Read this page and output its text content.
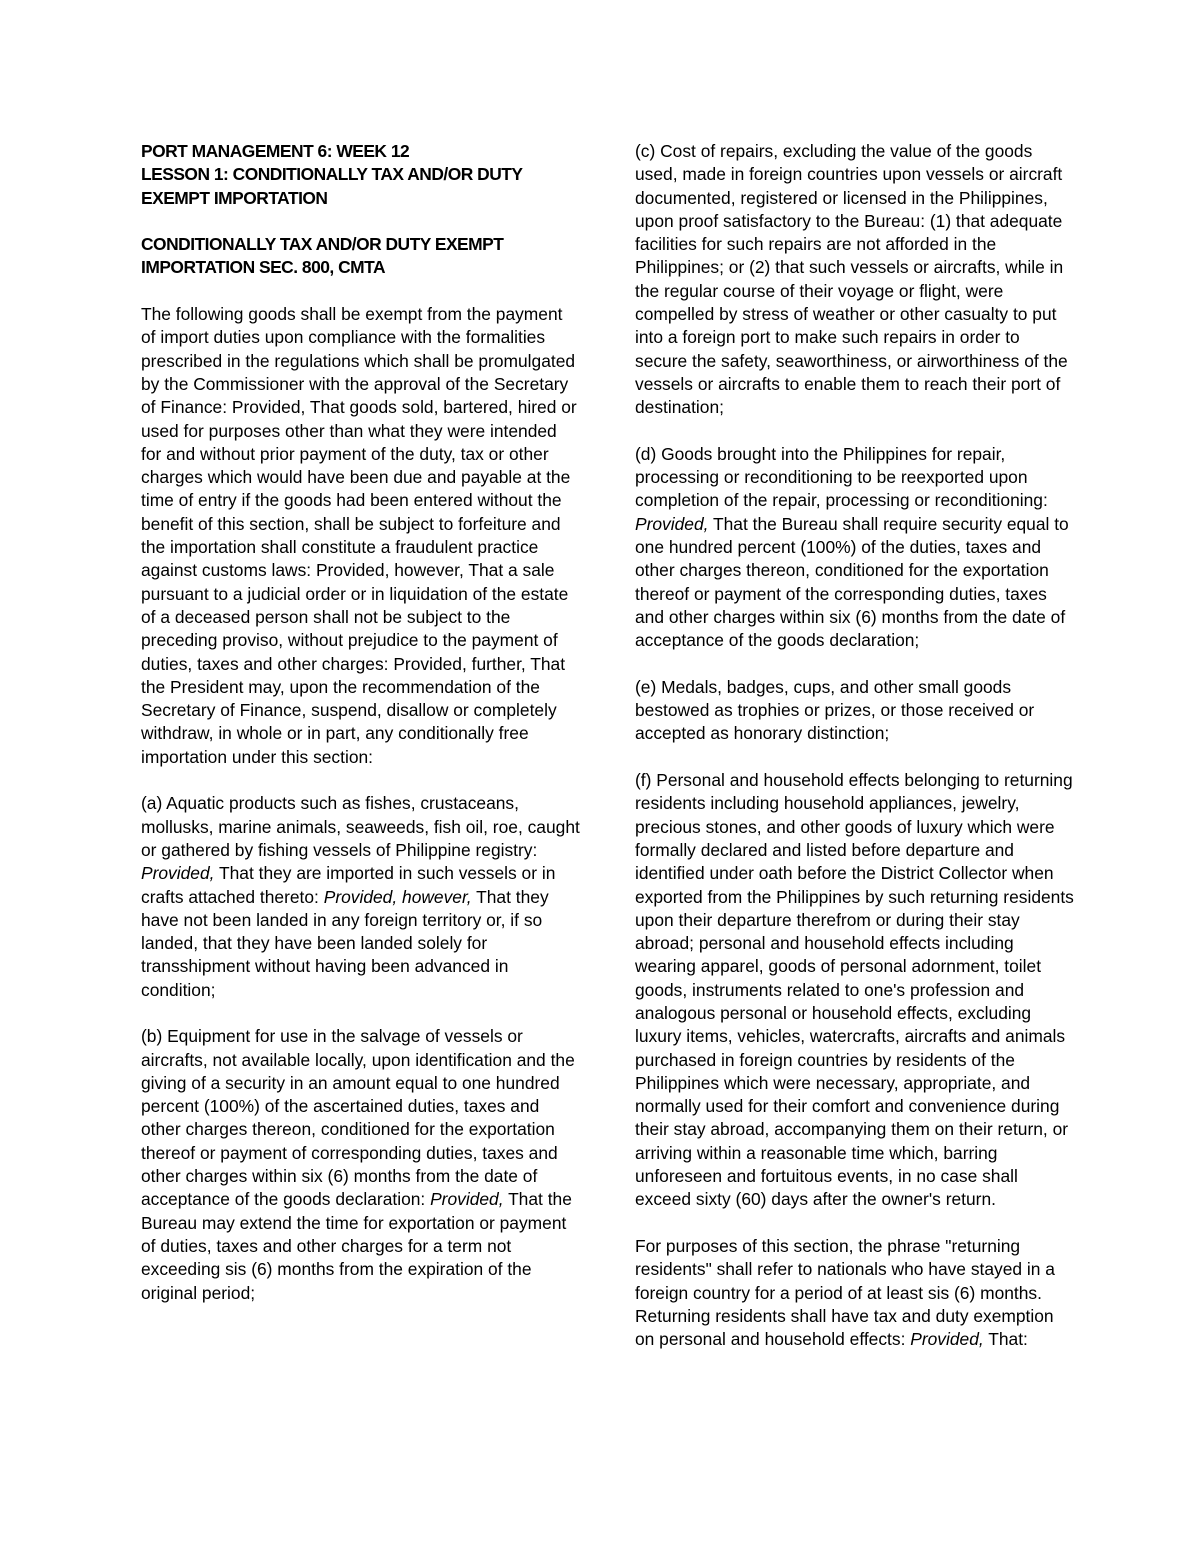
PORT MANAGEMENT 6: WEEK 12
LESSON 1: CONDITIONALLY TAX AND/OR DUTY EXEMPT IMPORTATION
CONDITIONALLY TAX AND/OR DUTY EXEMPT IMPORTATION SEC. 800, CMTA

The following goods shall be exempt from the payment of import duties upon compliance with the formalities prescribed in the regulations which shall be promulgated by the Commissioner with the approval of the Secretary of Finance: Provided, That goods sold, bartered, hired or used for purposes other than what they were intended for and without prior payment of the duty, tax or other charges which would have been due and payable at the time of entry if the goods had been entered without the benefit of this section, shall be subject to forfeiture and the importation shall constitute a fraudulent practice against customs laws: Provided, however, That a sale pursuant to a judicial order or in liquidation of the estate of a deceased person shall not be subject to the preceding proviso, without prejudice to the payment of duties, taxes and other charges: Provided, further, That the President may, upon the recommendation of the Secretary of Finance, suspend, disallow or completely withdraw, in whole or in part, any conditionally free importation under this section:

(a) Aquatic products such as fishes, crustaceans, mollusks, marine animals, seaweeds, fish oil, roe, caught or gathered by fishing vessels of Philippine registry: Provided, That they are imported in such vessels or in crafts attached thereto: Provided, however, That they have not been landed in any foreign territory or, if so landed, that they have been landed solely for transshipment without having been advanced in condition;

(b) Equipment for use in the salvage of vessels or aircrafts, not available locally, upon identification and the giving of a security in an amount equal to one hundred percent (100%) of the ascertained duties, taxes and other charges thereon, conditioned for the exportation thereof or payment of corresponding duties, taxes and other charges within six (6) months from the date of acceptance of the goods declaration: Provided, That the Bureau may extend the time for exportation or payment of duties, taxes and other charges for a term not exceeding sis (6) months from the expiration of the original period;

(c) Cost of repairs, excluding the value of the goods used, made in foreign countries upon vessels or aircraft documented, registered or licensed in the Philippines, upon proof satisfactory to the Bureau: (1) that adequate facilities for such repairs are not afforded in the Philippines; or (2) that such vessels or aircrafts, while in the regular course of their voyage or flight, were compelled by stress of weather or other casualty to put into a foreign port to make such repairs in order to secure the safety, seaworthiness, or airworthiness of the vessels or aircrafts to enable them to reach their port of destination;

(d) Goods brought into the Philippines for repair, processing or reconditioning to be reexported upon completion of the repair, processing or reconditioning: Provided, That the Bureau shall require security equal to one hundred percent (100%) of the duties, taxes and other charges thereon, conditioned for the exportation thereof or payment of the corresponding duties, taxes and other charges within six (6) months from the date of acceptance of the goods declaration;

(e) Medals, badges, cups, and other small goods bestowed as trophies or prizes, or those received or accepted as honorary distinction;

(f) Personal and household effects belonging to returning residents including household appliances, jewelry, precious stones, and other goods of luxury which were formally declared and listed before departure and identified under oath before the District Collector when exported from the Philippines by such returning residents upon their departure therefrom or during their stay abroad; personal and household effects including wearing apparel, goods of personal adornment, toilet goods, instruments related to one's profession and analogous personal or household effects, excluding luxury items, vehicles, watercrafts, aircrafts and animals purchased in foreign countries by residents of the Philippines which were necessary, appropriate, and normally used for their comfort and convenience during their stay abroad, accompanying them on their return, or arriving within a reasonable time which, barring unforeseen and fortuitous events, in no case shall exceed sixty (60) days after the owner's return.

For purposes of this section, the phrase "returning residents" shall refer to nationals who have stayed in a foreign country for a period of at least sis (6) months. Returning residents shall have tax and duty exemption on personal and household effects: Provided, That:
